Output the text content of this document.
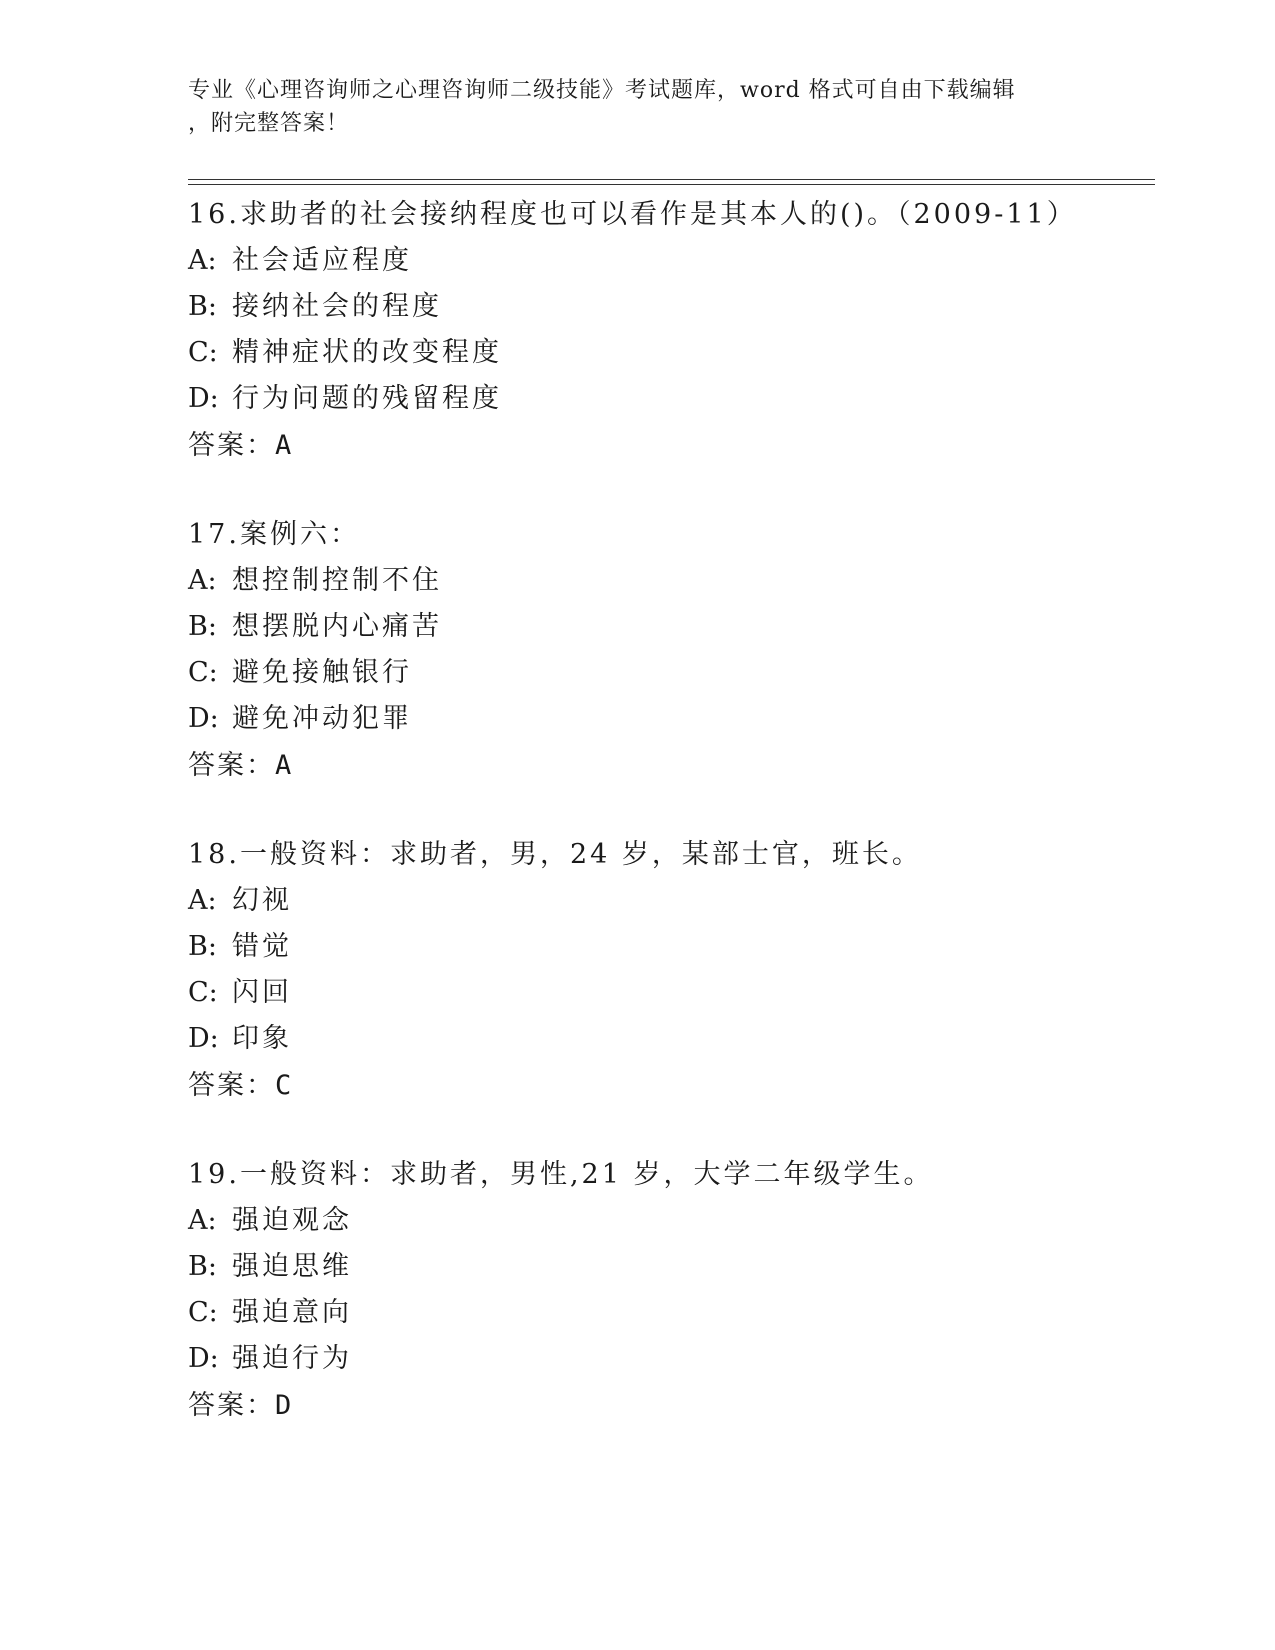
专业《心理咨询师之心理咨询师二级技能》考试题库，word 格式可自由下载编辑
，附完整答案！
16.求助者的社会接纳程度也可以看作是其本人的()。（2009-11）
A: 社会适应程度
B: 接纳社会的程度
C: 精神症状的改变程度
D: 行为问题的残留程度
答案：A
17.案例六：
A: 想控制控制不住
B: 想摆脱内心痛苦
C: 避免接触银行
D: 避免冲动犯罪
答案：A
18.一般资料：求助者，男，24 岁，某部士官，班长。
A: 幻视
B: 错觉
C: 闪回
D: 印象
答案：C
19.一般资料：求助者，男性,21 岁，大学二年级学生。
A: 强迫观念
B: 强迫思维
C: 强迫意向
D: 强迫行为
答案：D
